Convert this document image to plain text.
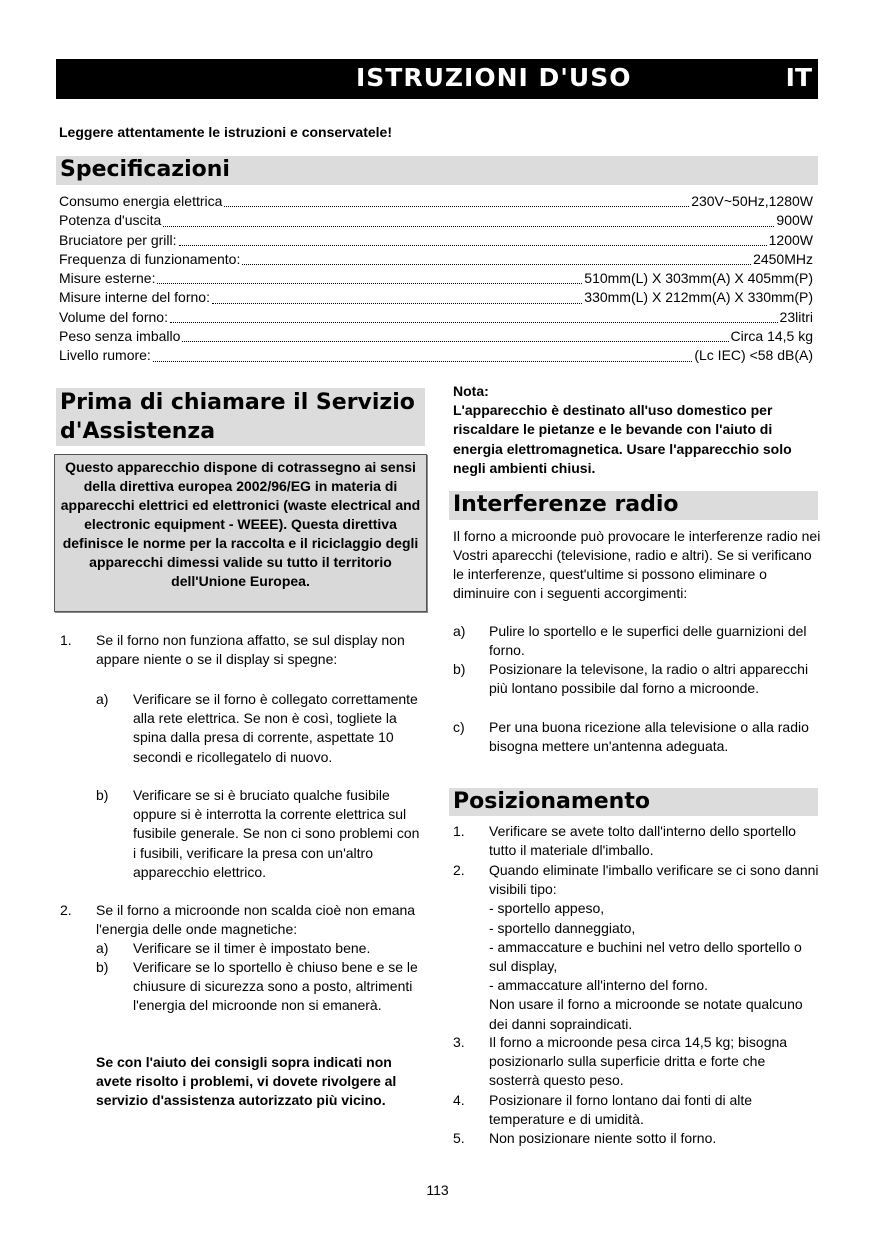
ISTRUZIONI D'USO	IT
Leggere attentamente le istruzioni e conservatele!
Specificazioni
Consumo energia elettrica	230V~50Hz,1280W
Potenza d'uscita	900W
Bruciatore per grill:	1200W
Frequenza di funzionamento:	2450MHz
Misure esterne:	510mm(L) X 303mm(A) X 405mm(P)
Misure interne del forno:	330mm(L) X 212mm(A) X 330mm(P)
Volume del forno:	23litri
Peso senza imballo	Circa 14,5 kg
Livello rumore:	(Lc IEC) <58 dB(A)
Prima di chiamare il Servizio
d'Assistenza
Questo apparecchio dispone di cotrassegno ai sensi della direttiva europea 2002/96/EG in materia di apparecchi elettrici ed elettronici (waste electrical and electronic equipment - WEEE). Questa direttiva definisce le norme per la raccolta e il riciclaggio degli apparecchi dimessi valide su tutto il territorio dell'Unione Europea.
1. Se il forno non funziona affatto, se sul display non appare niente o se il display si spegne:
a) Verificare se il forno è collegato correttamente alla rete elettrica. Se non è così, togliete la spina dalla presa di corrente, aspettate 10 secondi e ricollegatelo di nuovo.
b) Verificare se si è bruciato qualche fusibile oppure si è interrotta la corrente elettrica sul fusibile generale. Se non ci sono problemi con i fusibili, verificare la presa con un'altro apparecchio elettrico.
2. Se il forno a microonde non scalda cioè non emana l'energia delle onde magnetiche:
a) Verificare se il timer è impostato bene.
b) Verificare se lo sportello è chiuso bene e se le chiusure di sicurezza sono a posto, altrimenti l'energia del microonde non si emanerà.
Se con l'aiuto dei consigli sopra indicati non avete risolto i problemi, vi dovete rivolgere al servizio d'assistenza autorizzato più vicino.
Nota:
L'apparecchio è destinato all'uso domestico per riscaldare le pietanze e le bevande con l'aiuto di energia elettromagnetica. Usare l'apparecchio solo negli ambienti chiusi.
Interferenze radio
Il forno a microonde può provocare le interferenze radio nei Vostri aparecchi (televisione, radio e altri). Se si verificano le interferenze, quest'ultime si possono eliminare o diminuire con i seguenti accorgimenti:
a) Pulire lo sportello e le superfici delle guarnizioni del forno.
b) Posizionare la televisone, la radio o altri apparecchi più lontano possibile dal forno a microonde.
c) Per una buona ricezione alla televisione o alla radio bisogna mettere un'antenna adeguata.
Posizionamento
1. Verificare se avete tolto dall'interno dello sportello tutto il materiale dl'imballo.
2. Quando eliminate l'imballo verificare se ci sono danni visibili tipo:
- sportello appeso,
- sportello danneggiato,
- ammaccature e buchini nel vetro dello sportello o sul display,
- ammaccature all'interno del forno.
Non usare il forno a microonde se notate qualcuno dei danni sopraindicati.
3. Il forno a microonde pesa circa 14,5 kg; bisogna posizionarlo sulla superficie dritta e forte che sosterrà questo peso.
4. Posizionare il forno lontano dai fonti di alte temperature e di umidità.
5. Non posizionare niente sotto il forno.
113
